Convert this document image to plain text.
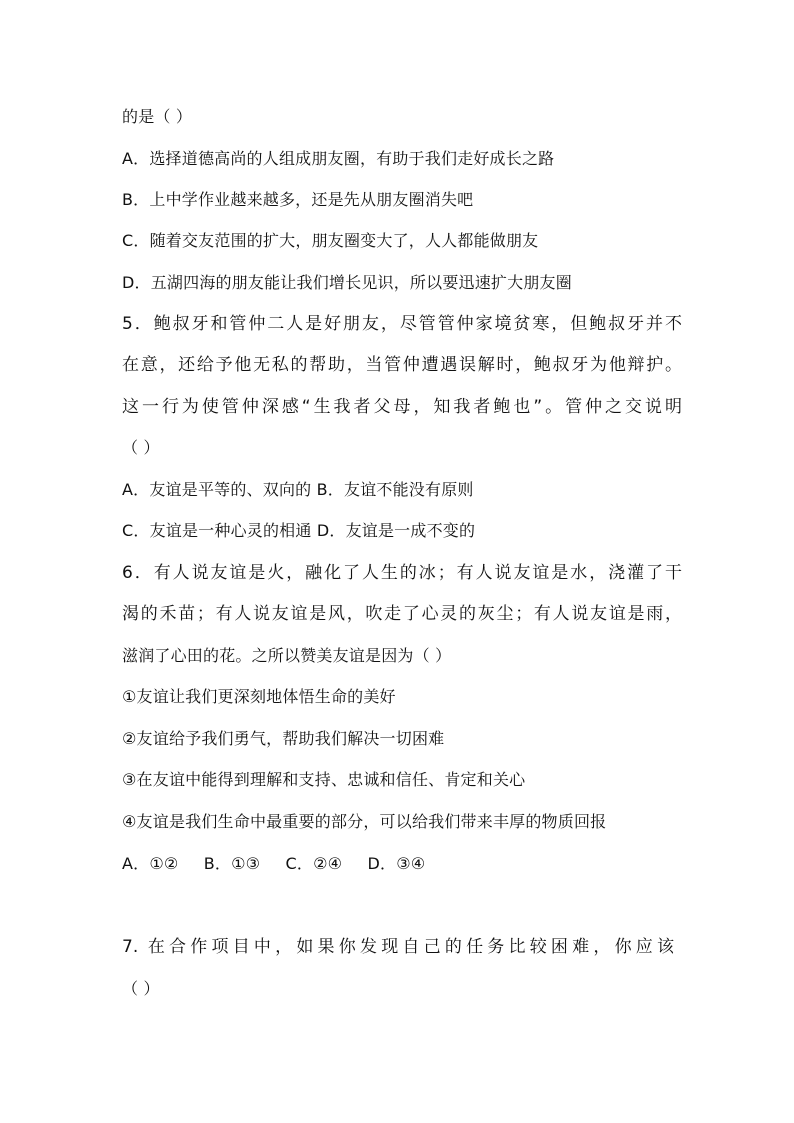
的是（ ）
A．选择道德高尚的人组成朋友圈，有助于我们走好成长之路
B．上中学作业越来越多，还是先从朋友圈消失吧
C．随着交友范围的扩大，朋友圈变大了，人人都能做朋友
D．五湖四海的朋友能让我们增长见识，所以要迅速扩大朋友圈
5．鲍叔牙和管仲二人是好朋友，尽管管仲家境贫寒，但鲍叔牙并不
在意，还给予他无私的帮助，当管仲遭遇误解时，鲍叔牙为他辩护。
这一行为使管仲深感“生我者父母，知我者鲍也”。管仲之交说明
（ ）
A．友谊是平等的、双向的 B．友谊不能没有原则
C．友谊是一种心灵的相通 D．友谊是一成不变的
6．有人说友谊是火，融化了人生的冰；有人说友谊是水，浇灌了干
渴的禾苗；有人说友谊是风，吹走了心灵的灰尘；有人说友谊是雨，
滋润了心田的花。之所以赞美友谊是因为（ ）
①友谊让我们更深刻地体悟生命的美好
②友谊给予我们勇气，帮助我们解决一切困难
③在友谊中能得到理解和支持、忠诚和信任、肯定和关心
④友谊是我们生命中最重要的部分，可以给我们带来丰厚的物质回报
A．①② B．①③ C．②④ D．③④
7. 在合作项目中，如果你发现自己的任务比较困难，你应该
（ ）
